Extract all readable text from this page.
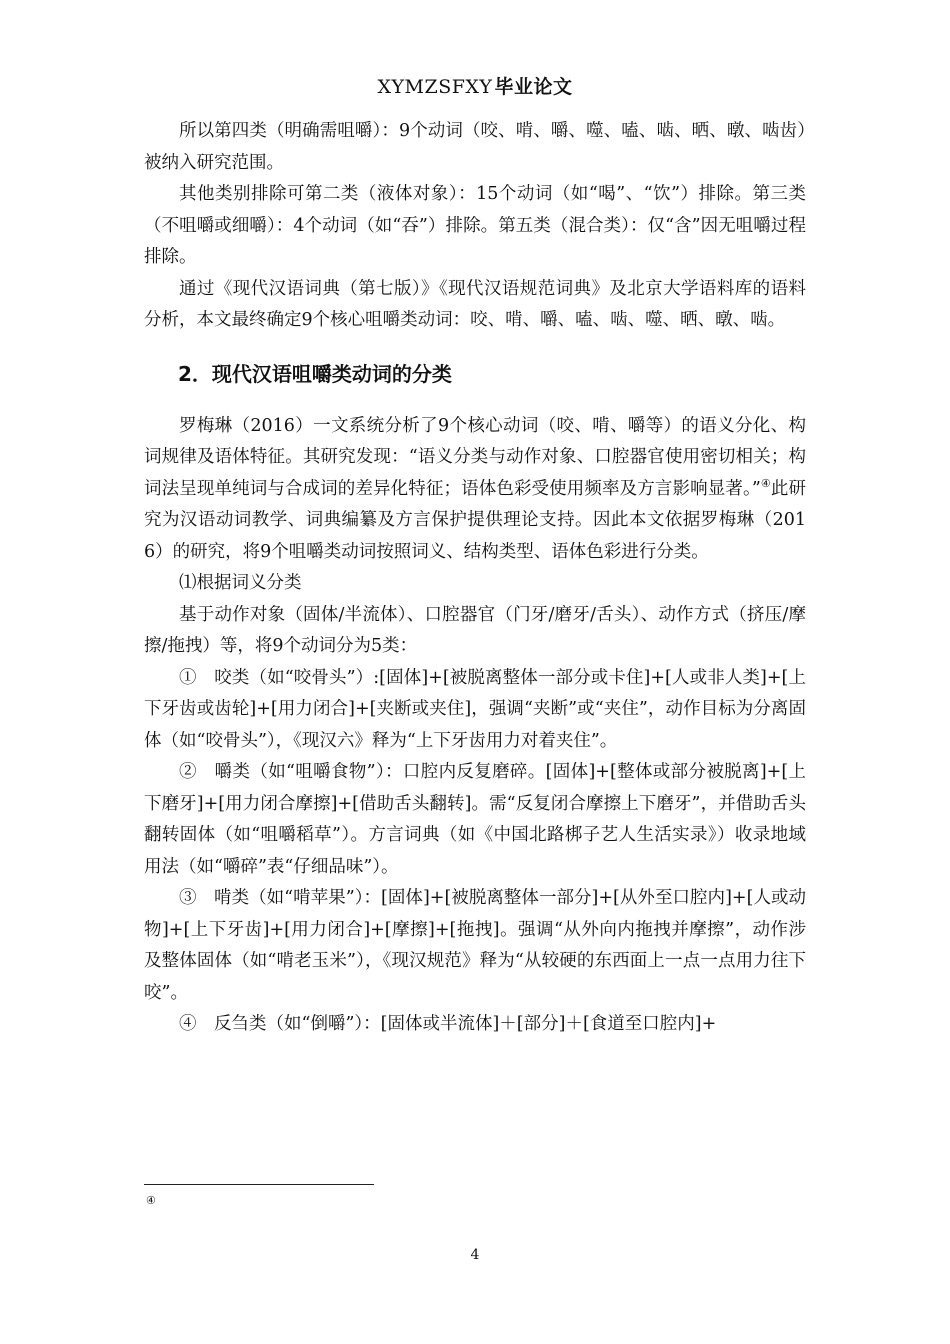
XYMZSFXY 毕业论文

所以第四类（明确需咀嚼）：9个动词（咬、啃、嚼、噬、嗑、啮、晒、暾、啮齿）被纳入研究范围。

其他类别排除可第二类（液体对象）：15个动词（如“喝”、“饮”）排除。第三类（不咀嚼或细嚼）：4个动词（如“吞”）排除。第五类（混合类）：仅“含”因无咀嚼过程排除。

通过《现代汉语词典（第七版）》《现代汉语规范词典》及北京大学语料库的语料分析，本文最终确定9个核心咀嚼类动词：咬、啃、嚼、嗑、啮、噬、晒、暾、啮。

2．现代汉语咀嚼类动词的分类

罗梅琳（2016）一文系统分析了9个核心动词（咬、啃、嚼等）的语义分化、构词规律及语体特征。其研究发现：“语义分类与动作对象、口腔器官使用密切相关；构词法呈现单纯词与合成词的差异化特征；语体色彩受使用频率及方言影响显著。”④此研究为汉语动词教学、词典编纂及方言保护提供理论支持。因此本文依据罗梅琳（2016）的研究，将9个咀嚼类动词按照词义、结构类型、语体色彩进行分类。

⑴根据词义分类

基于动作对象（固体/半流体）、口腔器官（门牙/磨牙/舌头）、动作方式（挤压/摩擦/拖拽）等，将9个动词分为5类：

①　咬类（如“咬骨头”）:[固体]+[被脱离整体一部分或卡住]+[人或非人类]+[上下牙齿或齿轮]+[用力闭合]+[夹断或夹住]，强调“夹断”或“夹住”，动作目标为分离固体（如“咬骨头”），《现汉六》释为“上下牙齿用力对着夹住”。

②　嚼类（如“咀嚼食物”）：口腔内反复磨碎。[固体]+[整体或部分被脱离]+[上下磨牙]+[用力闭合摩擦]+[借助舌头翻转]。需“反复闭合摩擦上下磨牙”，并借助舌头翻转固体（如“咀嚼稻草”）。方言词典（如《中国北路梆子艺人生活实录》）收录地域用法（如“嚼碎”表“仔细品味”）。

③　啃类（如“啃苹果”）：[固体]+[被脱离整体一部分]+[从外至口腔内]+[人或动物]+[上下牙齿]+[用力闭合]+[摩擦]+[拖拽]。强调“从外向内拖拽并摩擦”，动作涉及整体固体（如“啃老玉米”），《现汉规范》释为“从较硬的东西面上一点一点用力往下咬”。

④　反刍类（如“倒嚼”）：[固体或半流体]＋[部分]＋[食道至口腔内]+

④
4
